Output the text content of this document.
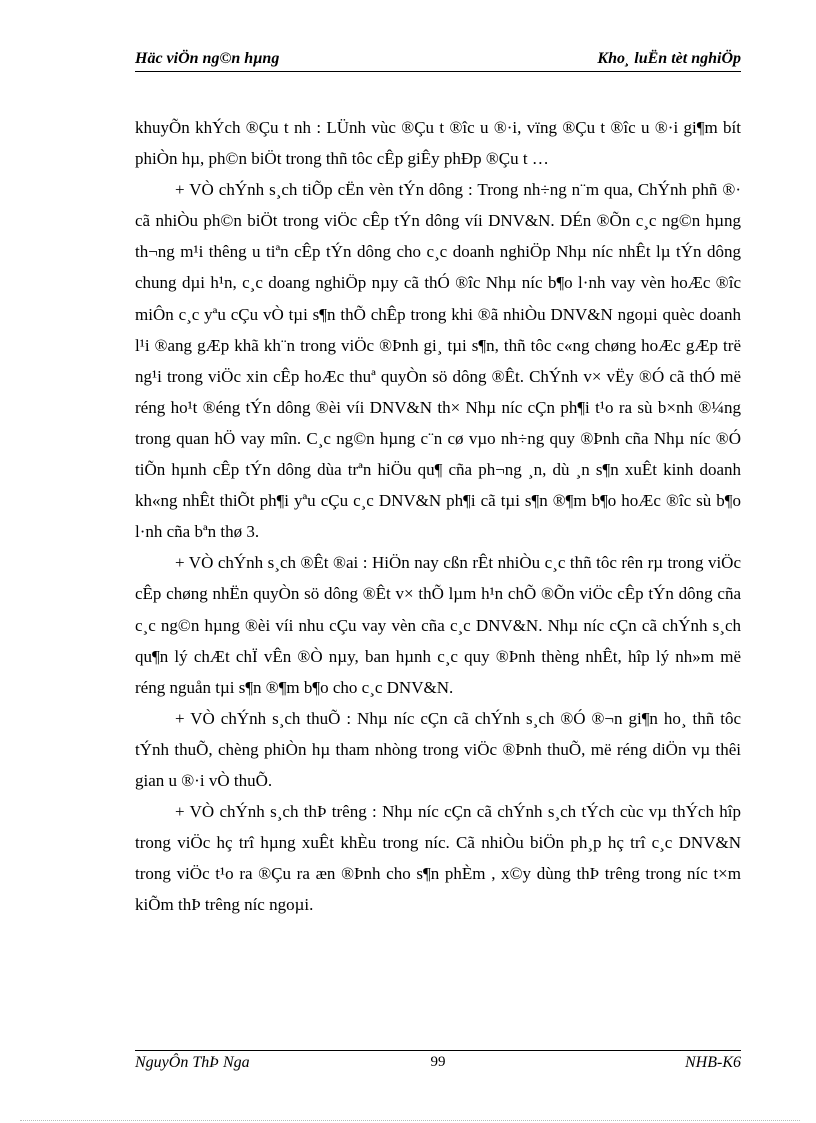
Häc viÖn ng©n hµng	Kho¸ luËn tèt nghiÖp

khuyÕn khÝch ®Çu t nh : LÜnh vùc ®Çu t ®îc u ®·i, vïng ®Çu t ®îc u ®·i gi¶m bít phiÒn hµ, ph©n biÖt trong thñ tôc cÊp giÊy phÐp ®Çu t …

+ VÒ chÝnh s¸ch tiÕp cËn vèn tÝn dông : Trong nh÷ng n¨m qua, ChÝnh phñ ®· cã nhiÒu ph©n biÖt trong viÖc cÊp tÝn dông víi DNV&N. DÉn ®Õn c¸c ng©n hµng th¬ng m¹i thêng u tiªn cÊp tÝn dông cho c¸c doanh nghiÖp Nhµ níc nhÊt lµ tÝn dông chung dµi h¹n, c¸c doang nghiÖp nµy cã thÓ ®îc Nhµ níc b¶o l·nh vay vèn hoÆc ®îc miÔn c¸c yªu cÇu vÒ tµi s¶n thÕ chÊp trong khi ®ã nhiÒu DNV&N ngoµi quèc doanh l¹i ®ang gÆp khã kh¨n trong viÖc ®Þnh gi¸ tµi s¶n, thñ tôc c«ng chøng hoÆc gÆp trë ng¹i trong viÖc xin cÊp hoÆc thuª quyÒn sö dông ®Êt. ChÝnh v× vËy ®Ó cã thÓ më réng ho¹t ®éng tÝn dông ®èi víi DNV&N th× Nhµ níc cÇn ph¶i t¹o ra sù b×nh ®¼ng trong quan hÖ vay mîn. C¸c ng©n hµng c¨n cø vµo nh÷ng quy ®Þnh cña Nhµ níc ®Ó tiÕn hµnh cÊp tÝn dông dùa trªn hiÖu qu¶ cña ph¬ng ¸n, dù ¸n s¶n xuÊt kinh doanh kh«ng nhÊt thiÕt ph¶i yªu cÇu c¸c DNV&N ph¶i cã tµi s¶n ®¶m b¶o hoÆc ®îc sù b¶o l·nh cña bªn thø 3.

+ VÒ chÝnh s¸ch ®Êt ®ai : HiÖn nay cßn rÊt nhiÒu c¸c thñ tôc rên rµ trong viÖc cÊp chøng nhËn quyÒn sö dông ®Êt v× thÕ lµm h¹n chÕ ®Õn viÖc cÊp tÝn dông cña c¸c ng©n hµng ®èi víi nhu cÇu vay vèn cña c¸c DNV&N. Nhµ níc cÇn cã chÝnh s¸ch qu¶n lý chÆt chÏ vÊn ®Ò nµy, ban hµnh c¸c quy ®Þnh thèng nhÊt, hîp lý nh»m më réng nguån tµi s¶n ®¶m b¶o cho c¸c DNV&N.

+ VÒ chÝnh s¸ch thuÕ : Nhµ níc cÇn cã chÝnh s¸ch ®Ó ®¬n gi¶n ho¸ thñ tôc tÝnh thuÕ, chèng phiÒn hµ tham nhòng trong viÖc ®Þnh thuÕ, më réng diÖn vµ thêi gian u ®·i vÒ thuÕ.

+ VÒ chÝnh s¸ch thÞ trêng : Nhµ níc cÇn cã chÝnh s¸ch tÝch cùc vµ thÝch hîp trong viÖc hç trî hµng xuÊt khÈu trong níc. Cã nhiÒu biÖn ph¸p hç trî c¸c DNV&N trong viÖc t¹o ra ®Çu ra æn ®Þnh cho s¶n phÈm , x©y dùng thÞ trêng trong níc t×m kiÕm thÞ trêng níc ngoµi.

NguyÔn ThÞ Nga	99	NHB-K6
